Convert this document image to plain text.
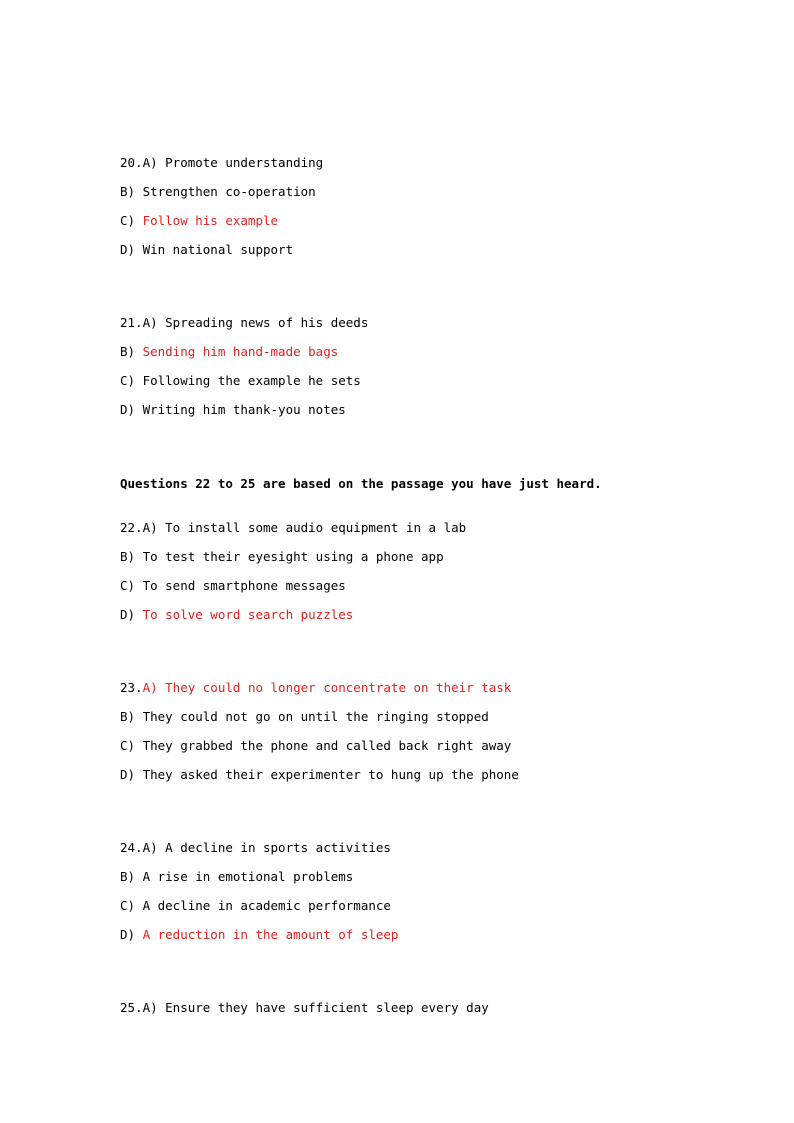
20.A) Promote understanding
B) Strengthen co-operation
C) Follow his example
D) Win national support
21.A) Spreading news of his deeds
B) Sending him hand-made bags
C) Following the example he sets
D) Writing him thank-you notes
Questions 22 to 25 are based on the passage you have just heard.
22.A) To install some audio equipment in a lab
B) To test their eyesight using a phone app
C) To send smartphone messages
D) To solve word search puzzles
23.A) They could no longer concentrate on their task
B) They could not go on until the ringing stopped
C) They grabbed the phone and called back right away
D) They asked their experimenter to hung up the phone
24.A) A decline in sports activities
B) A rise in emotional problems
C) A decline in academic performance
D) A reduction in the amount of sleep
25.A) Ensure they have sufficient sleep every day
